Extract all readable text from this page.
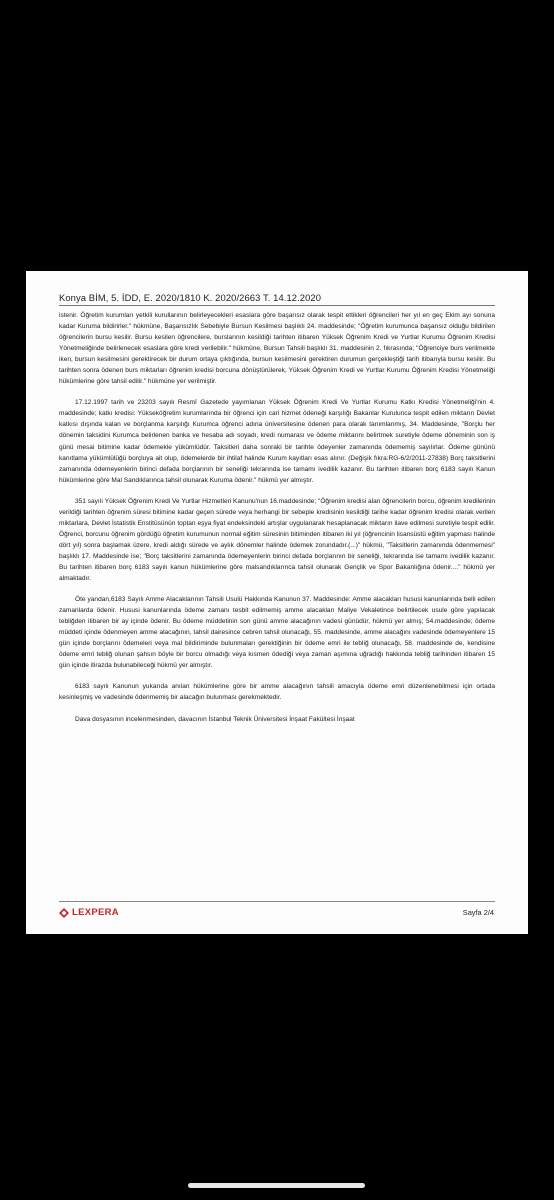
Konya BİM, 5. İDD, E. 2020/1810 K. 2020/2663 T. 14.12.2020

istenir. Öğretim kurumları yetkili kurullarının belirleyecekleri esaslara göre başarısız olarak tespit ettikleri öğrencileri her yıl en geç Ekim ayı sonuna kadar Kuruma bildirirler." hükmüne, Başarısızlık Sebebiyle Bursun Kesilmesi başlıklı 24. maddesinde; "Öğretim kurumunca başarısız olduğu bildirilen öğrencilerin bursu kesilir. Bursu kesilen öğrencilere, burslarının kesildiği tarihten itibaren Yüksek Öğrenim Kredi ve Yurtlar Kurumu Öğrenim Kredisi Yönetmeliğinde belirlenecek esaslara göre kredi verilebilir." hükmüne, Bursun Tahsili başlıklı 31. maddesinin 2. fıkrasında; "Öğrenciye burs verilmekte iken, bursun kesilmesini gerektirecek bir durum ortaya çıktığında, bursun kesilmesini gerektiren durumun gerçekleştiği tarih itibarıyla bursu kesilir. Bu tarihten sonra ödenen burs miktarları öğrenim kredisi borcuna dönüştürülerek, Yüksek Öğrenim Kredi ve Yurtlar Kurumu Öğrenim Kredisi Yönetmeliği hükümlerine göre tahsil edilir." hükmüne yer verilmiştir.

17.12.1997 tarih ve 23203 sayılı Resmî Gazetede yayımlanan Yüksek Öğrenim Kredi Ve Yurtlar Kurumu Katkı Kredisi Yönetmeliği'nin 4. maddesinde; katkı kredisi: Yükseköğretim kurumlarında bir öğrenci için cari hizmet ödeneği karşılığı Bakanlar Kurulunca tespit edilen miktarın Devlet katkısı dışında kalan ve borçlanma karşılığı Kurumca öğrenci adına üniversitesine ödenen para olarak tanımlanmış, 34. Maddesinde, "Borçlu her dönemin taksidini Kurumca belirlenen banka ve hesaba adı soyadı, kredi numarası ve ödeme miktarını belirtmek suretiyle ödeme döneminin son iş günü mesai bitimine kadar ödemekle yükümlüdür. Taksitleri daha sonraki bir tarihte ödeyenler zamanında ödememiş sayılırlar. Ödeme gününü kanıtlama yükümlülüğü borçluya ait olup, ödemelerde bir ihtilaf halinde Kurum kayıtları esas alınır. (Değişik fıkra:RG-6/2/2011-27838) Borç taksitlerini zamanında ödemeyenlerin birinci defada borçlarının bir seneliği tekrarında ise tamamı ivedilik kazanır. Bu tarihten itibaren borç 6183 sayılı Kanun hükümlerine göre Mal Sandıklarınca tahsil olunarak Kuruma ödenir." hükmü yer almıştır.

351 sayılı Yüksek Öğrenim Kredi Ve Yurtlar Hizmetleri Kanunu'nun 16.maddesinde; "Öğrenim kredisi alan öğrencilerin borcu, öğrenim kredilerinin verildiği tarihten öğrenim süresi bitimine kadar geçen sürede veya herhangi bir sebeple kredisinin kesildiği tarihe kadar öğrenim kredisi olarak verilen miktarlara, Devlet İstatistik Enstitüsünün toptan eşya fiyat endeksindeki artışlar uygulanarak hesaplanacak miktarın ilave edilmesi suretiyle tespit edilir. Öğrenci, borcunu öğrenim gördüğü öğretim kurumunun normal eğitim süresinin bitiminden itibaren iki yıl (öğrencinin lisansüstü eğitim yapması halinde dört yıl) sonra başlamak üzere, kredi aldığı sürede ve aylık dönemler halinde ödemek zorundadır.(...)" hükmü, "Taksitlerin zamanında ödenmemesi" başlıklı 17. Maddesinde ise; "Borç taksitlerini zamanında ödemeyenlerin birinci defada borçlarının bir seneliği, tekrarında ise tamamı ivedilik kazanır. Bu tarihten itibaren borç 6183 sayılı kanun hükümlerine göre malsandıklarınca tahsil olunarak Gençlik ve Spor Bakanlığına ödenir...." hükmü yer almaktadır.

Öte yandan,6183 Sayılı Amme Alacaklarının Tahsili Usulü Hakkında Kanunun 37. Maddesinde: Amme alacakları hususi kanunlarında belli edilen zamanlarda ödenir. Hususi kanunlarında ödeme zamanı tesbit edilmemiş amme alacakları Maliye Vekaletince belirtilecek usule göre yapılacak tebliğden itibaren bir ay içinde ödenir. Bu ödeme müddetinin son günü amme alacağının vadesi günüdür, hükmü yer almış; 54.maddesinde; ödeme müddeti içinde ödenmeyen amme alacağının, tahsil dairesince cebren tahsil olunacağı, 55. maddesinde, amme alacağını vadesinde ödemeyenlere 15 gün içinde borçlarını ödemeleri veya mal bildiriminde bulunmaları gerektiğinin bir ödeme emri ile tebliğ olunacağı, 58. maddesinde de, kendisine ödeme emri tebliğ olunan şahsın böyle bir borcu olmadığı veya kısmen ödediği veya zaman aşımına uğradığı hakkında tebliğ tarihinden itibaren 15 gün içinde itirazda bulunabileceği hükmü yer almıştır.

6183 sayılı Kanunun yukarıda anılan hükümlerine göre bir amme alacağının tahsili amacıyla ödeme emri düzenlenebilmesi için ortada kesinleşmiş ve vadesinde ödenmemiş bir alacağın bulunması gerekmektedir.

Dava dosyasının incelenmesinden, davacının İstanbul Teknik Üniversitesi İnşaat Fakültesi İnşaat

LEXPERA	Sayfa 2/4
